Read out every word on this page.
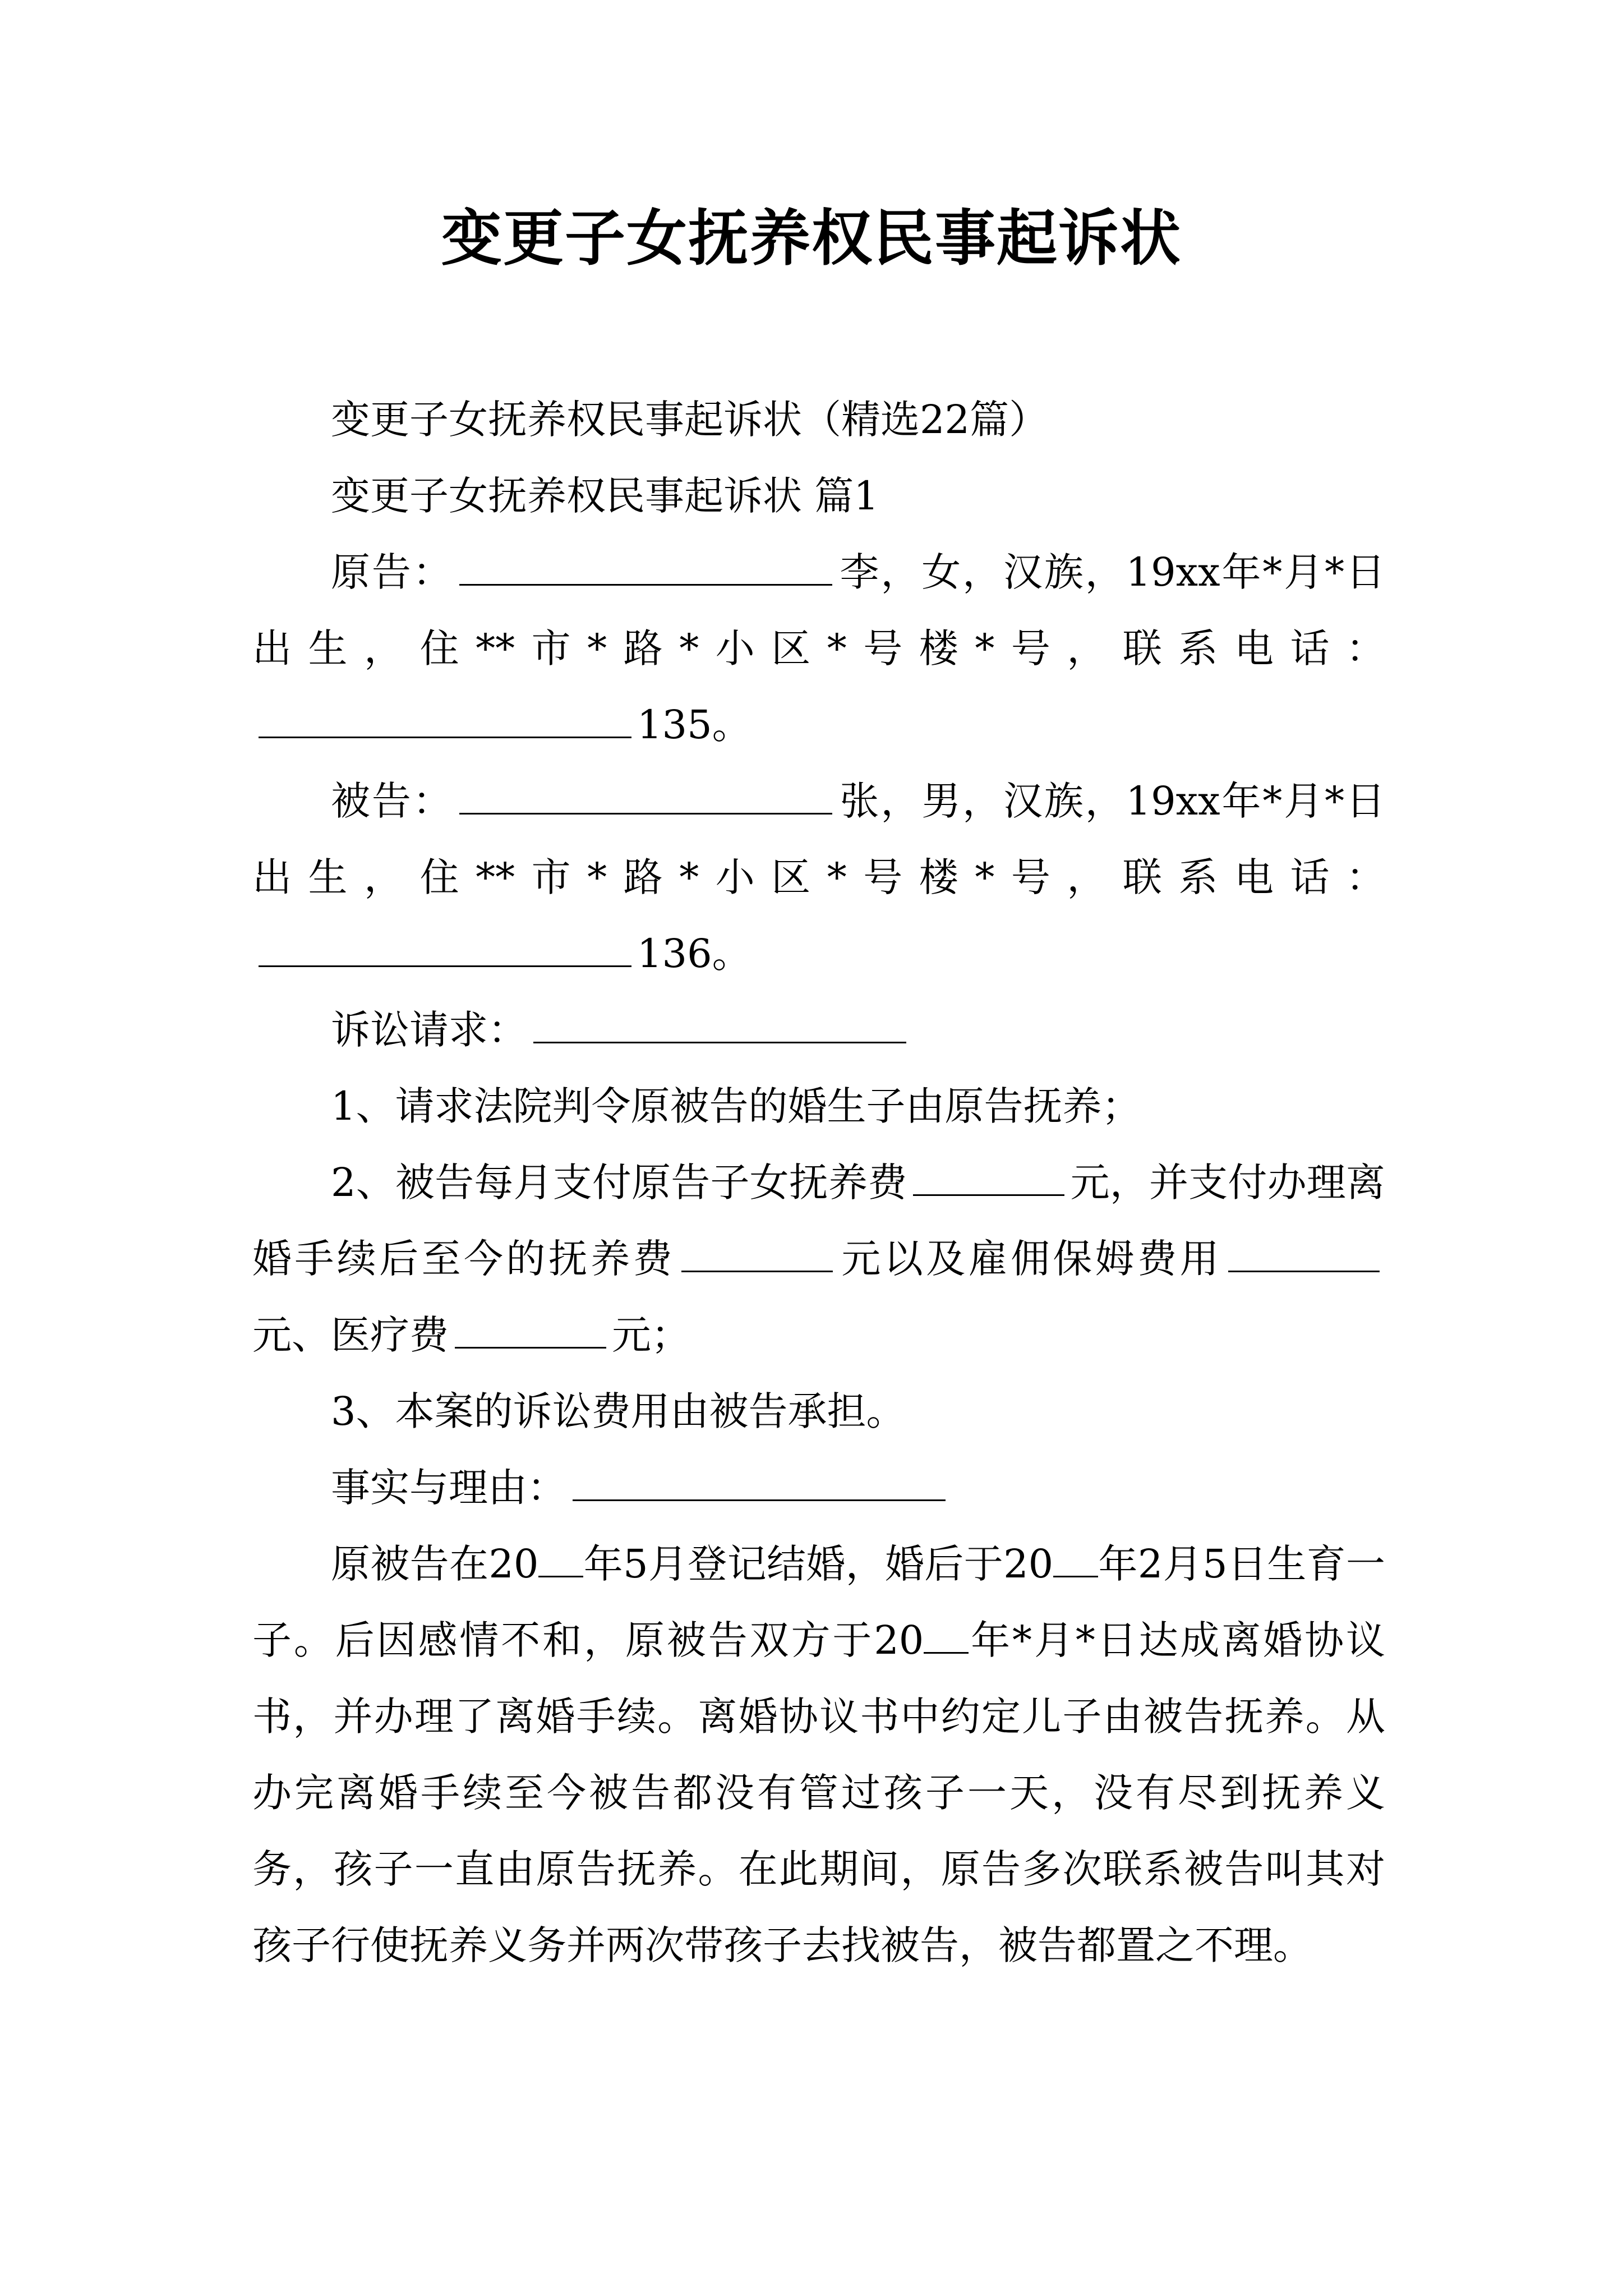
变更子女抚养权民事起诉状

变更子女抚养权民事起诉状（精选22篇）

变更子女抚养权民事起诉状 篇1

原告：	李，女，汉族，19xx年*月*日出生，住**市*路*小区*号楼*号，联系电话：135。

被告：	张，男，汉族，19xx年*月*日出生，住**市*路*小区*号楼*号，联系电话：136。

诉讼请求：

1、请求法院判令原被告的婚生子由原告抚养；

2、被告每月支付原告子女抚养费	元，并支付办理离婚手续后至今的抚养费	元以及雇佣保姆费用元、医疗费	元；

3、本案的诉讼费用由被告承担。

事实与理由：

原被告在20 年5月登记结婚，婚后于20 年2月5日生育一子。后因感情不和，原被告双方于20 年*月*日达成离婚协议书，并办理了离婚手续。离婚协议书中约定儿子由被告抚养。从办完离婚手续至今被告都没有管过孩子一天，没有尽到抚养义务，孩子一直由原告抚养。在此期间，原告多次联系被告叫其对孩子行使抚养义务并两次带孩子去找被告，被告都置之不理。
